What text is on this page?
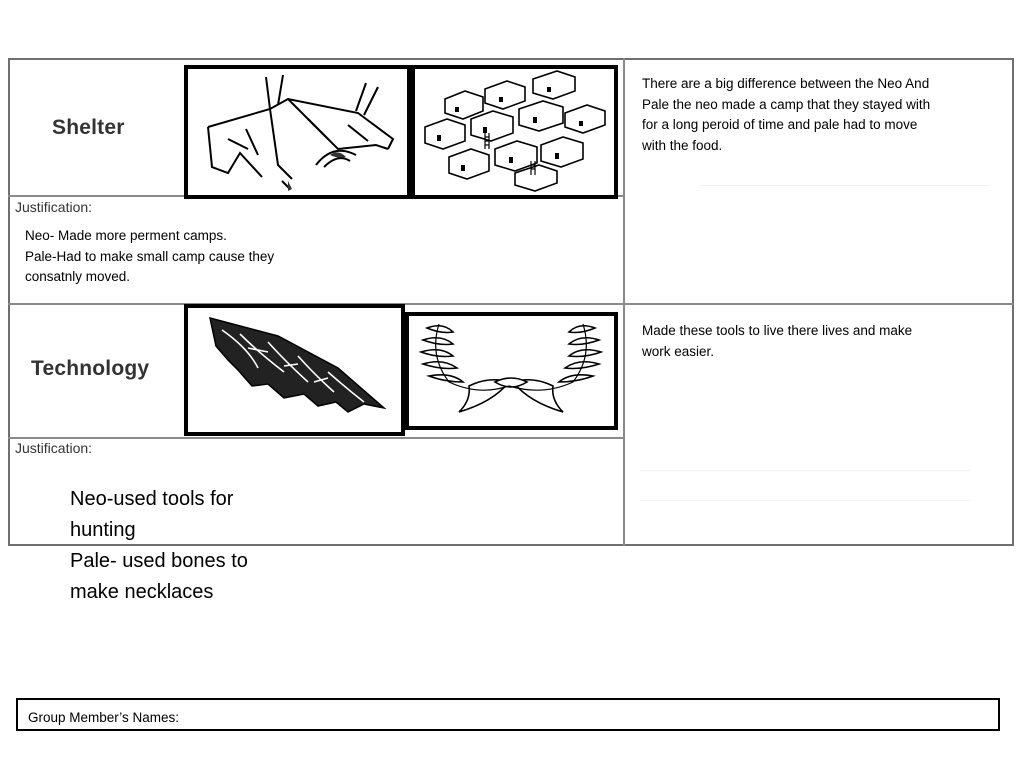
Shelter
Justification:
Neo- Made more perment camps.
Pale-Had to make small camp cause they
consatnly moved.
There are a big difference between the Neo And
Pale the neo made a camp that they stayed with
for a long peroid of time and pale had to move
with the food.
Technology
Justification:
Neo-used tools for
hunting
Pale- used bones to
make necklaces
Made these tools to live there lives and make
work easier.
Group Member’s Names:
